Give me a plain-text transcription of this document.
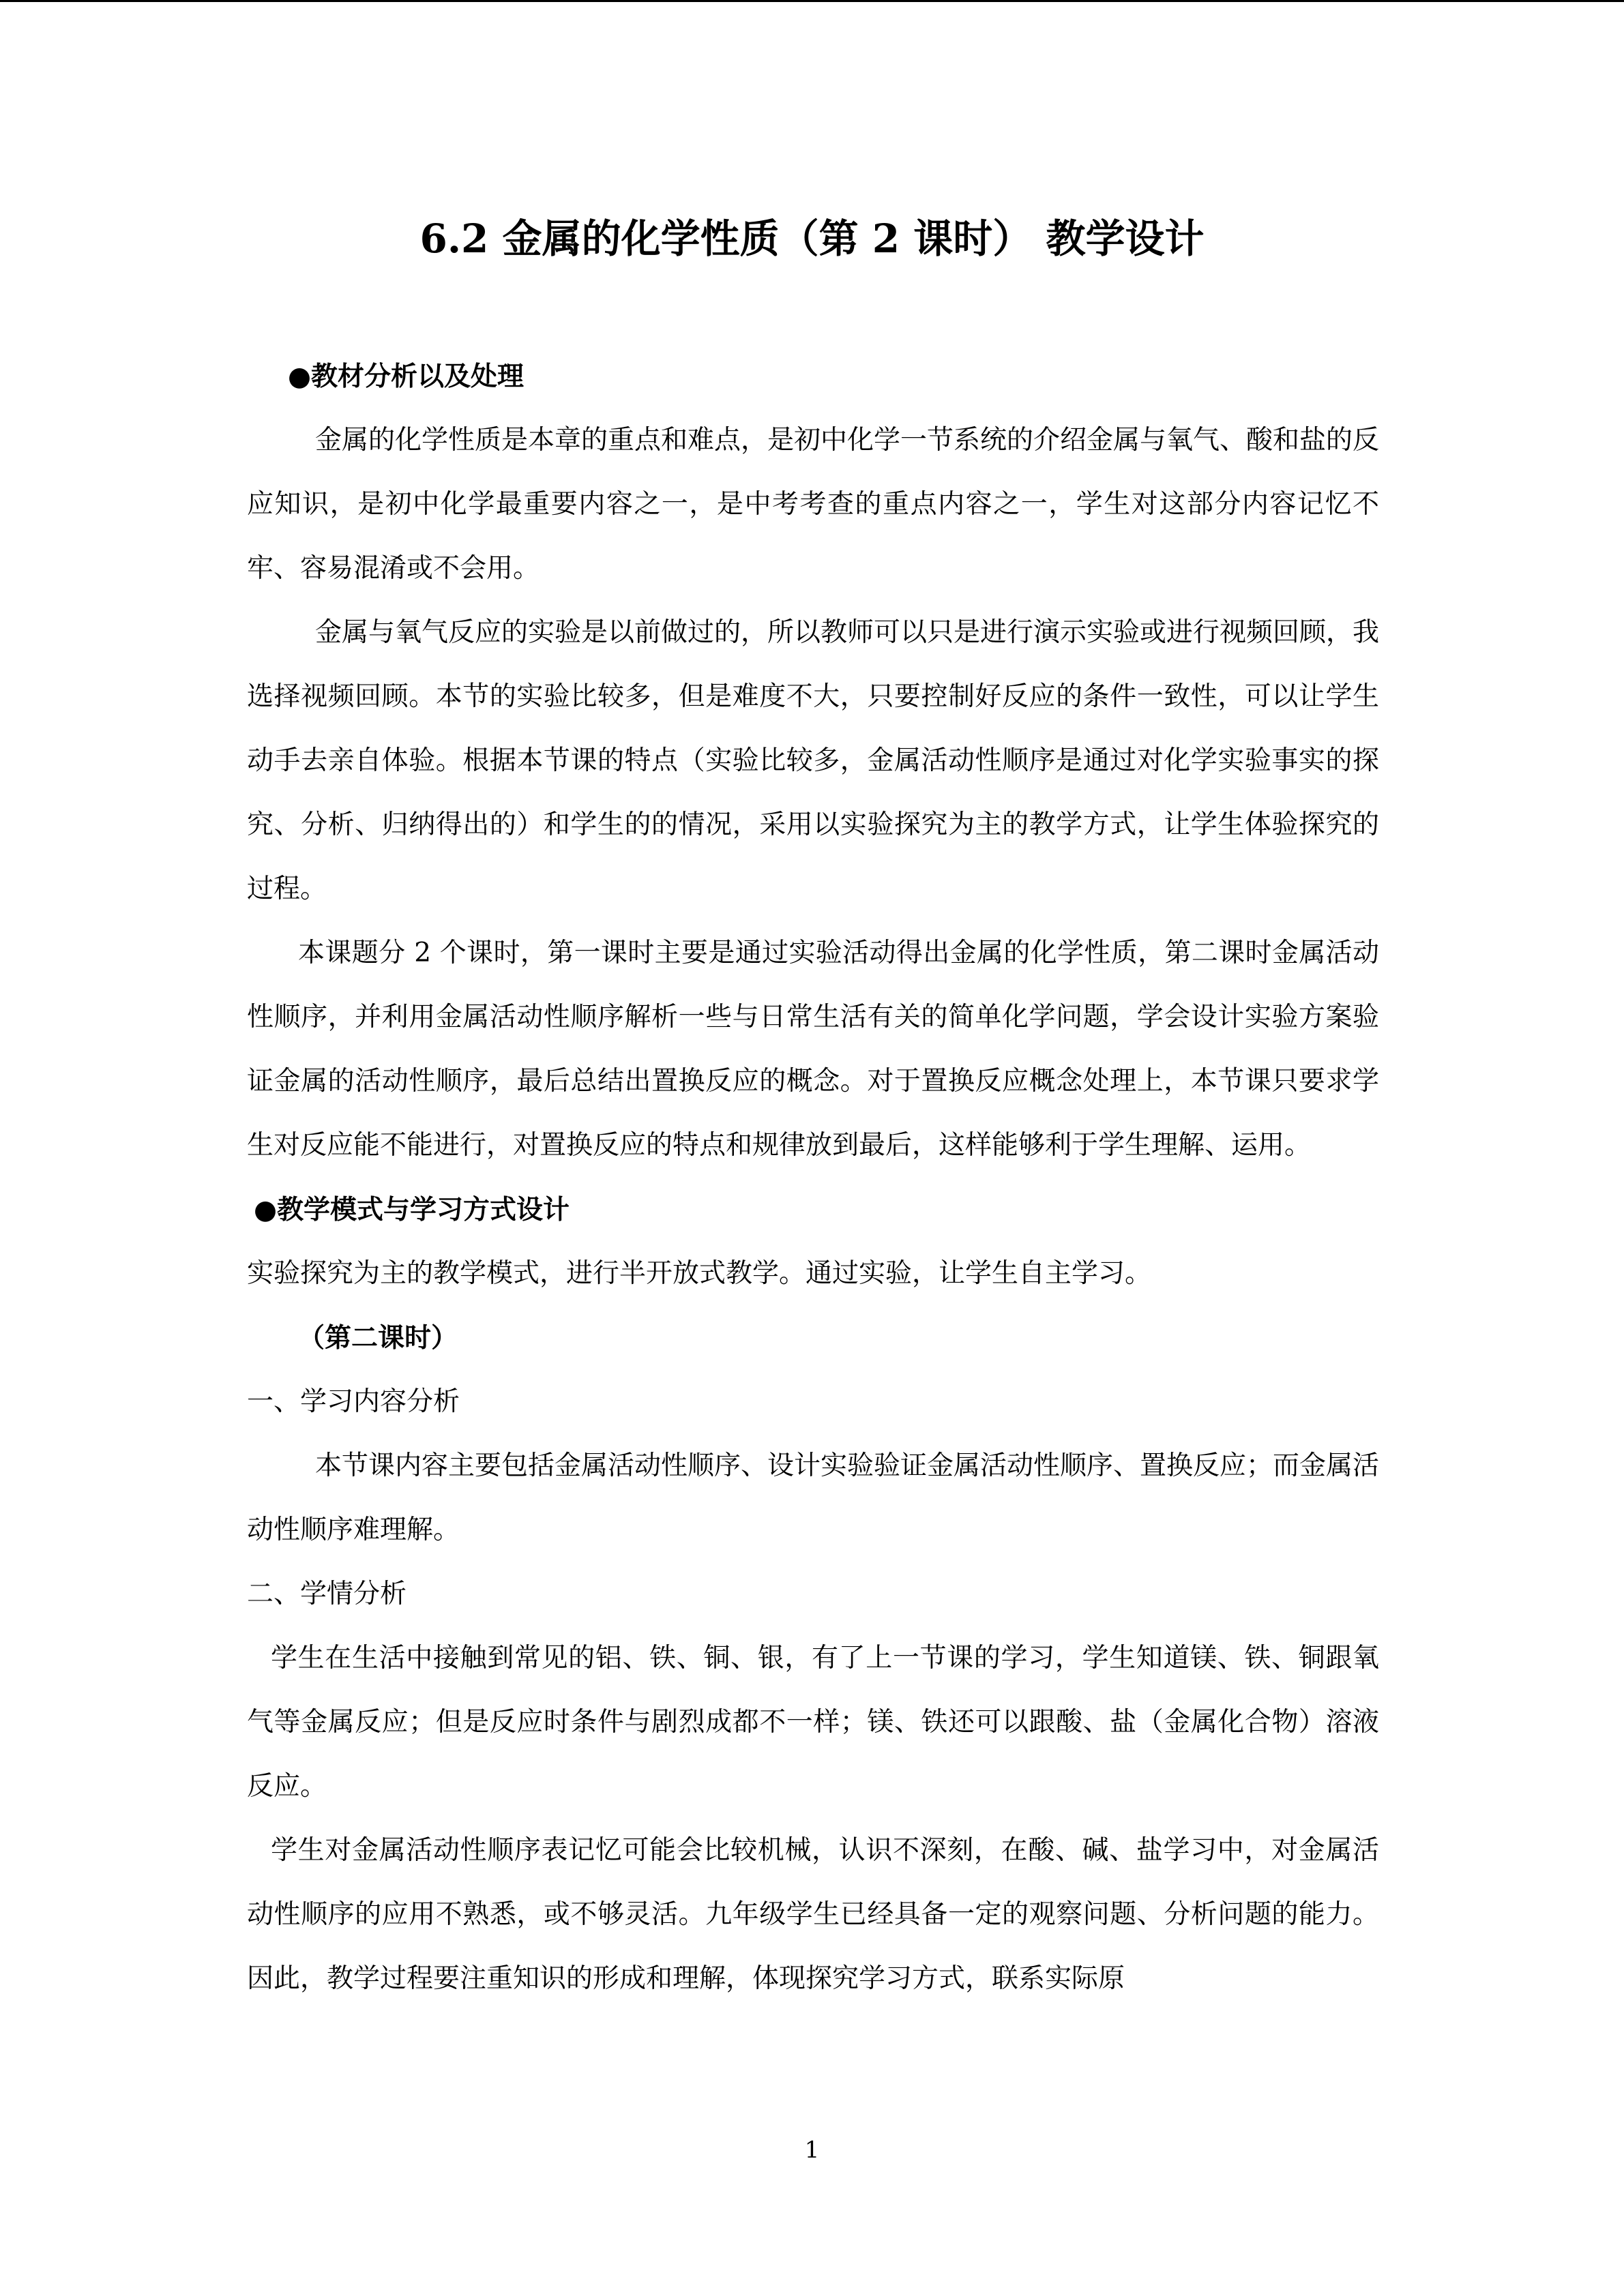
6.2 金属的化学性质（第 2 课时） 教学设计

●教材分析以及处理

金属的化学性质是本章的重点和难点，是初中化学一节系统的介绍金属与氧气、酸和盐的反应知识，是初中化学最重要内容之一，是中考考查的重点内容之一，学生对这部分内容记忆不牢、容易混淆或不会用。

金属与氧气反应的实验是以前做过的，所以教师可以只是进行演示实验或进行视频回顾，我选择视频回顾。本节的实验比较多，但是难度不大，只要控制好反应的条件一致性，可以让学生动手去亲自体验。根据本节课的特点（实验比较多，金属活动性顺序是通过对化学实验事实的探究、分析、归纳得出的）和学生的的情况，采用以实验探究为主的教学方式，让学生体验探究的过程。

本课题分 2 个课时，第一课时主要是通过实验活动得出金属的化学性质，第二课时金属活动性顺序，并利用金属活动性顺序解析一些与日常生活有关的简单化学问题，学会设计实验方案验证金属的活动性顺序，最后总结出置换反应的概念。对于置换反应概念处理上，本节课只要求学生对反应能不能进行，对置换反应的特点和规律放到最后，这样能够利于学生理解、运用。

●教学模式与学习方式设计

实验探究为主的教学模式，进行半开放式教学。通过实验，让学生自主学习。

（第二课时）

一、学习内容分析

本节课内容主要包括金属活动性顺序、设计实验验证金属活动性顺序、置换反应；而金属活动性顺序难理解。

二、学情分析

学生在生活中接触到常见的铝、铁、铜、银，有了上一节课的学习，学生知道镁、铁、铜跟氧气等金属反应；但是反应时条件与剧烈成都不一样；镁、铁还可以跟酸、盐（金属化合物）溶液反应。

学生对金属活动性顺序表记忆可能会比较机械，认识不深刻，在酸、碱、盐学习中，对金属活动性顺序的应用不熟悉，或不够灵活。九年级学生已经具备一定的观察问题、分析问题的能力。因此，教学过程要注重知识的形成和理解，体现探究学习方式，联系实际原

1
